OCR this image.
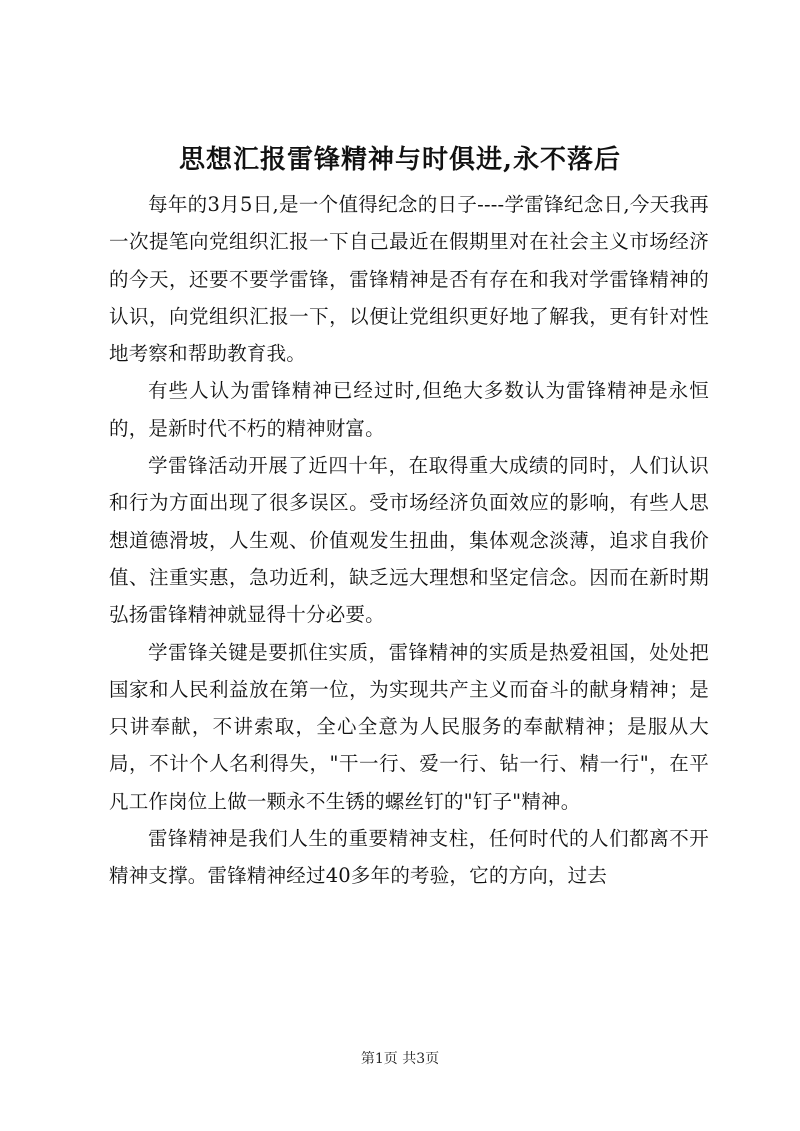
思想汇报雷锋精神与时俱进,永不落后

每年的3月5日,是一个值得纪念的日子----学雷锋纪念日,今天我再一次提笔向党组织汇报一下自己最近在假期里对在社会主义市场经济的今天，还要不要学雷锋，雷锋精神是否有存在和我对学雷锋精神的认识，向党组织汇报一下，以便让党组织更好地了解我，更有针对性地考察和帮助教育我。

有些人认为雷锋精神已经过时,但绝大多数认为雷锋精神是永恒的，是新时代不朽的精神财富。

学雷锋活动开展了近四十年，在取得重大成绩的同时，人们认识和行为方面出现了很多误区。受市场经济负面效应的影响，有些人思想道德滑坡，人生观、价值观发生扭曲，集体观念淡薄，追求自我价值、注重实惠，急功近利，缺乏远大理想和坚定信念。因而在新时期弘扬雷锋精神就显得十分必要。

学雷锋关键是要抓住实质，雷锋精神的实质是热爱祖国，处处把国家和人民利益放在第一位，为实现共产主义而奋斗的献身精神；是只讲奉献，不讲索取，全心全意为人民服务的奉献精神；是服从大局，不计个人名利得失，"干一行、爱一行、钻一行、精一行"，在平凡工作岗位上做一颗永不生锈的螺丝钉的"钉子"精神。

雷锋精神是我们人生的重要精神支柱，任何时代的人们都离不开精神支撑。雷锋精神经过40多年的考验，它的方向，过去

第1页 共3页
